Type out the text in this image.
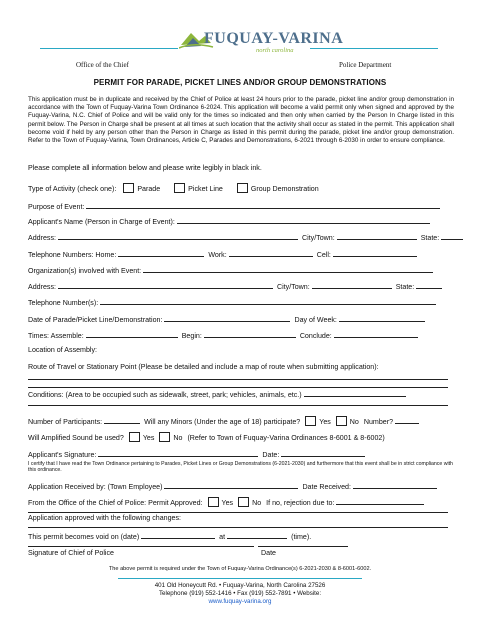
FUQUAY-VARINA
north carolina
Office of the Chief	Police Department
PERMIT FOR PARADE, PICKET LINES AND/OR GROUP DEMONSTRATIONS
This application must be in duplicate and received by the Chief of Police at least 24 hours prior to the parade, picket line and/or group demonstration in accordance with the Town of Fuquay-Varina Town Ordinance 6-2024. This application will become a valid permit only when signed and approved by the Fuquay-Varina, N.C. Chief of Police and will be valid only for the times so indicated and then only when carried by the Person In Charge listed in this permit below. The Person in Charge shall be present at all times at such location that the activity shall occur as stated in the permit. This application shall become void if held by any person other than the Person in Charge as listed in this permit during the parade, picket line and/or group demonstration. Refer to the Town of Fuquay-Varina, Town Ordinances, Article C, Parades and Demonstrations, 6-2021 through 6-2030 in order to ensure compliance.
Please complete all information below and please write legibly in black ink.
Type of Activity (check one):	Parade	Picket Line	Group Demonstration
Purpose of Event:
Applicant's Name (Person in Charge of Event):
Address:	City/Town:	State:
Telephone Numbers: Home:	Work:	Cell:
Organization(s) involved with Event:
Address:	City/Town:	State:
Telephone Number(s):
Date of Parade/Picket Line/Demonstration:	Day of Week:
Times: Assemble:	Begin:	Conclude:
Location of Assembly:
Route of Travel or Stationary Point (Please be detailed and include a map of route when submitting application):
Conditions: (Area to be occupied such as sidewalk, street, park; vehicles, animals, etc.)
Number of Participants:	Will any Minors (Under the age of 18) participate?	Yes	No Number?
Will Amplified Sound be used?	Yes	No (Refer to Town of Fuquay-Varina Ordinances 8-6001 & 8-6002)
Applicant's Signature:	Date:
I certify that I have read the Town Ordinance pertaining to Parades, Picket Lines or Group Demonstrations (6-2021-2030) and furthermore that this event shall be in strict compliance with this ordinance.
Application Received by: (Town Employee)	Date Received:
From the Office of the Chief of Police: Permit Approved:	Yes	No If no, rejection due to:
Application approved with the following changes:
This permit becomes void on (date)	at	(time).
Signature of Chief of Police	Date
The above permit is required under the Town of Fuquay-Varina Ordinance(s) 6-2021-2030 & 8-6001-6002.
401 Old Honeycutt Rd. • Fuquay-Varina, North Carolina 27526
Telephone (919) 552-1416 • Fax (919) 552-7891 • Website:
www.fuquay-varina.org
